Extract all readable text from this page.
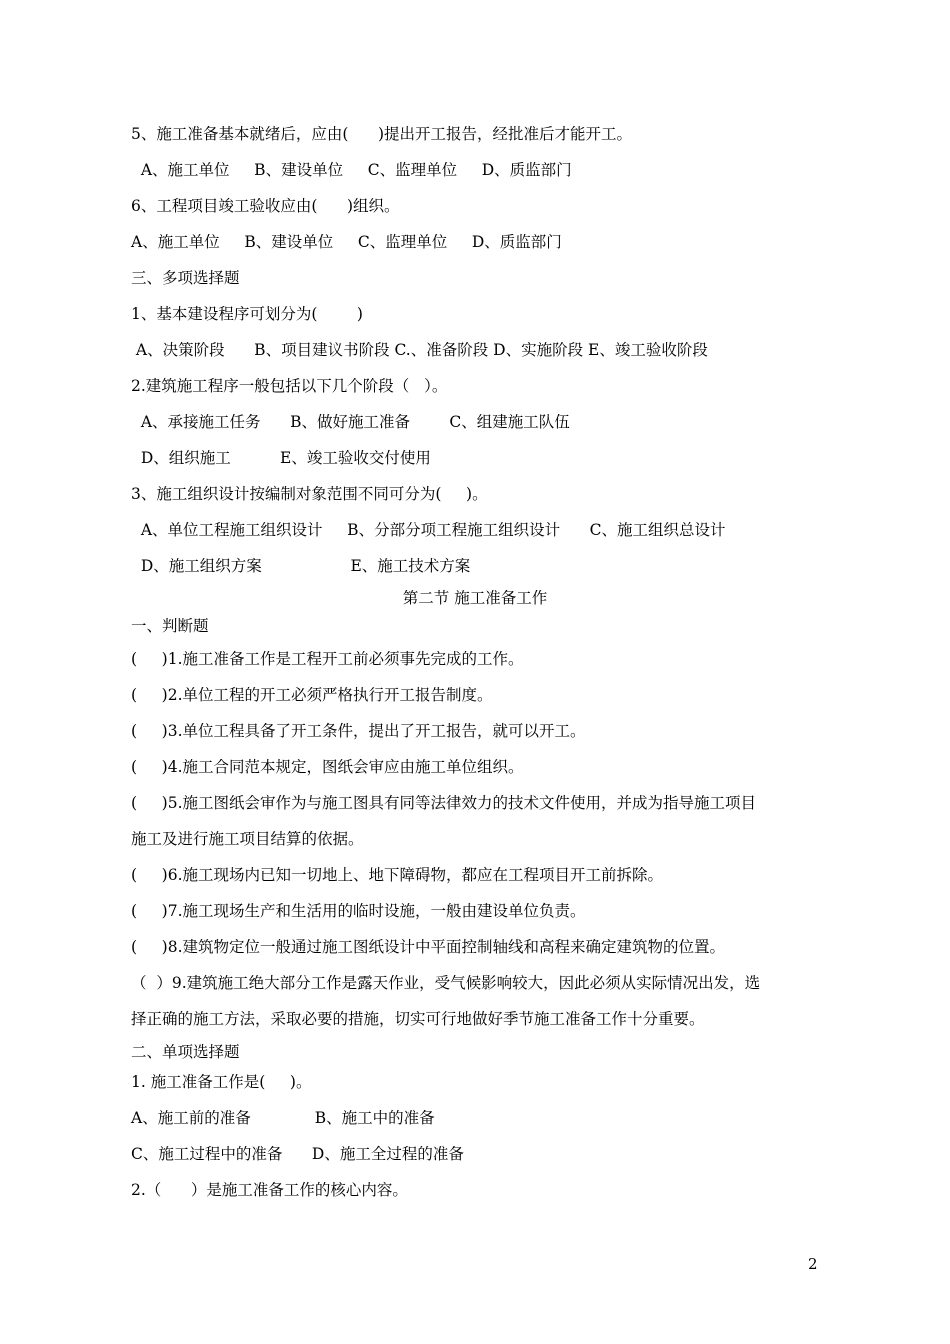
5、施工准备基本就绪后，应由(      )提出开工报告，经批准后才能开工。
A、施工单位     B、建设单位     C、监理单位     D、质监部门
6、工程项目竣工验收应由(      )组织。
A、施工单位     B、建设单位     C、监理单位     D、质监部门
三、多项选择题
1、基本建设程序可划分为(        )
A、决策阶段      B、项目建议书阶段 C.、准备阶段 D、实施阶段 E、竣工验收阶段
2.建筑施工程序一般包括以下几个阶段（   ）。
A、承接施工任务      B、做好施工准备        C、组建施工队伍
D、组织施工          E、竣工验收交付使用
3、施工组织设计按编制对象范围不同可分为(     )。
A、单位工程施工组织设计     B、分部分项工程施工组织设计      C、施工组织总设计
D、施工组织方案                  E、施工技术方案
第二节 施工准备工作
一、判断题
(     )1.施工准备工作是工程开工前必须事先完成的工作。
(     )2.单位工程的开工必须严格执行开工报告制度。
(     )3.单位工程具备了开工条件，提出了开工报告，就可以开工。
(     )4.施工合同范本规定，图纸会审应由施工单位组织。
(     )5.施工图纸会审作为与施工图具有同等法律效力的技术文件使用，并成为指导施工项目
施工及进行施工项目结算的依据。
(     )6.施工现场内已知一切地上、地下障碍物，都应在工程项目开工前拆除。
(     )7.施工现场生产和生活用的临时设施，一般由建设单位负责。
(     )8.建筑物定位一般通过施工图纸设计中平面控制轴线和高程来确定建筑物的位置。
（  ）9.建筑施工绝大部分工作是露天作业，受气候影响较大，因此必须从实际情况出发，选
择正确的施工方法，采取必要的措施，切实可行地做好季节施工准备工作十分重要。
二、单项选择题
1. 施工准备工作是(     )。
A、施工前的准备             B、施工中的准备
C、施工过程中的准备      D、施工全过程的准备
2.（      ）是施工准备工作的核心内容。
2
